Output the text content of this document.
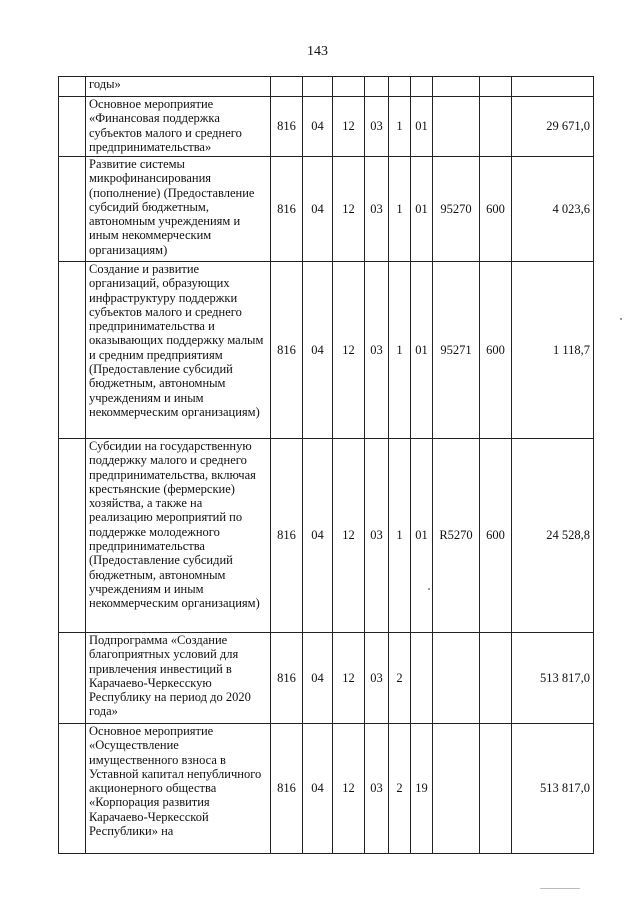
143
	годы»									
	Основное мероприятие «Финансовая поддержка субъектов малого и среднего предпринимательства»	816	04	12	03	1	01			29 671,0
	Развитие системы микрофинансирования (пополнение) (Предоставление субсидий бюджетным, автономным учреждениям и иным некоммерческим организациям)	816	04	12	03	1	01	95270	600	4 023,6
	Создание и развитие организаций, образующих инфраструктуру поддержки субъектов малого и среднего предпринимательства и оказывающих поддержку малым и средним предприятиям (Предоставление субсидий бюджетным, автономным учреждениям и иным некоммерческим организациям)	816	04	12	03	1	01	95271	600	1 118,7
	Субсидии на государственную поддержку малого и среднего предпринимательства, включая крестьянские (фермерские) хозяйства, а также на реализацию мероприятий по поддержке молодежного предпринимательства (Предоставление субсидий бюджетным, автономным учреждениям и иным некоммерческим организациям)	816	04	12	03	1	01	R5270	600	24 528,8
	Подпрограмма «Создание благоприятных условий для привлечения инвестиций в Карачаево-Черкесскую Республику на период до 2020 года»	816	04	12	03	2				513 817,0
	Основное мероприятие «Осуществление имущественного взноса в Уставной капитал непубличного акционерного общества «Корпорация развития Карачаево-Черкесской Республики» на	816	04	12	03	2	19			513 817,0
